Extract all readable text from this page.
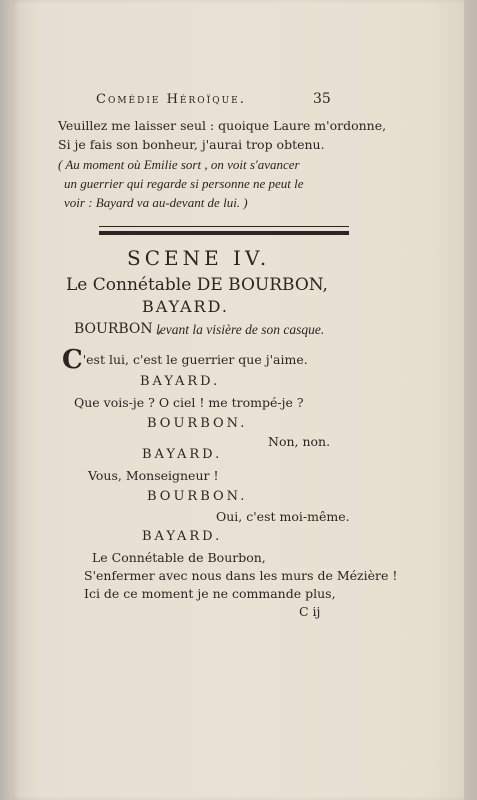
Comédie Héroïque.	35
Veuillez me laisser seul : quoique Laure m'ordonne,
Si je fais son bonheur, j'aurai trop obtenu.
( Au moment où Emilie sort , on voit s'avancer
un guerrier qui regarde si personne ne peut le
voir : Bayard va au-devant de lui. )
SCENE IV.
Le Connétable DE BOURBON,
BAYARD.
BOURBON ,
levant la visière de son casque.
C'est lui, c'est le guerrier que j'aime.
BAYARD.
Que vois-je ? O ciel ! me trompé-je ?
BOURBON.
Non, non.
BAYARD.
Vous, Monseigneur !
BOURBON.
Oui, c'est moi-même.
BAYARD.
Le Connétable de Bourbon,
S'enfermer avec nous dans les murs de Mézière !
Ici de ce moment je ne commande plus,
C ij
